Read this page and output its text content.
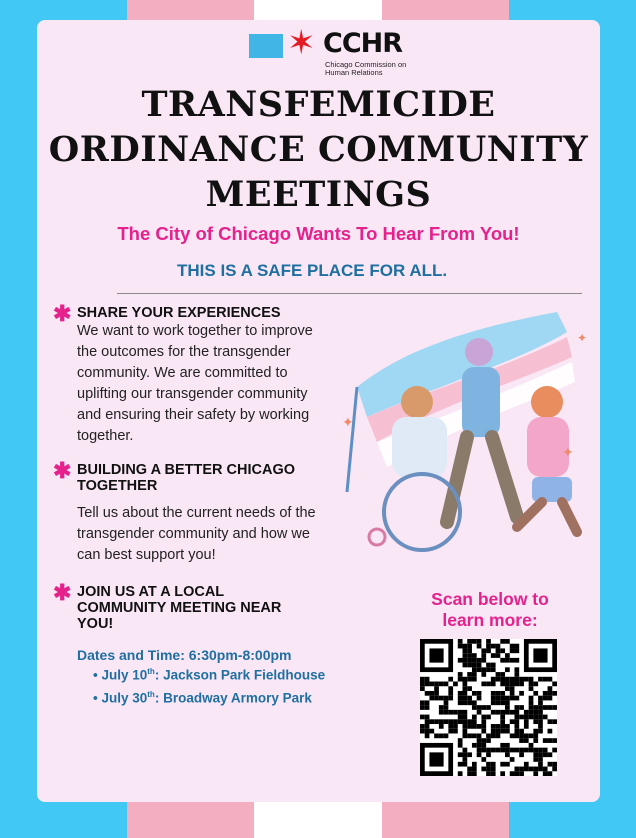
✶ CCHR
Chicago Commission on Human Relations
TRANSFEMICIDE
ORDINANCE COMMUNITY
MEETINGS
The City of Chicago Wants To Hear From You!
THIS IS A SAFE PLACE FOR ALL.
✱ SHARE YOUR EXPERIENCES
We want to work together to improve the outcomes for the transgender community. We are committed to uplifting our transgender community and ensuring their safety by working together.
✱ BUILDING A BETTER CHICAGO TOGETHER
Tell us about the current needs of the transgender community and how we can best support you!
✱ JOIN US AT A LOCAL COMMUNITY MEETING NEAR YOU!
Dates and Time: 6:30pm-8:00pm
• July 10th: Jackson Park Fieldhouse
• July 30th: Broadway Armory Park
✦
✦
✦
Scan below to learn more:
